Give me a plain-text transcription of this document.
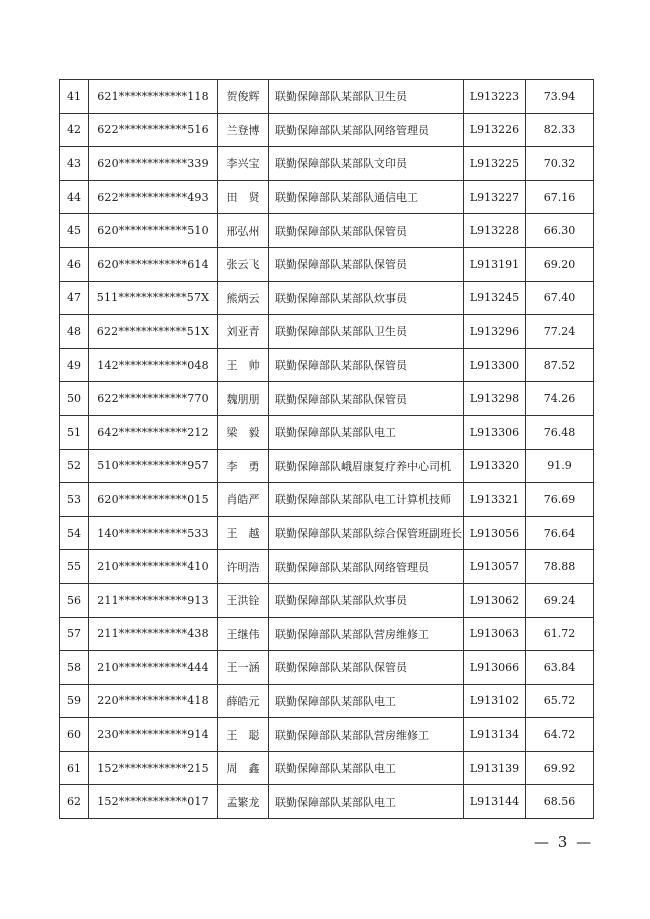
41	621************118	贺俊辉	联勤保障部队某部队卫生员	L913223	73.94
42	622************516	兰登博	联勤保障部队某部队网络管理员	L913226	82.33
43	620************339	李兴宝	联勤保障部队某部队文印员	L913225	70.32
44	622************493	田　贤	联勤保障部队某部队通信电工	L913227	67.16
45	620************510	邢弘州	联勤保障部队某部队保管员	L913228	66.30
46	620************614	张云飞	联勤保障部队某部队保管员	L913191	69.20
47	511************57X	熊炳云	联勤保障部队某部队炊事员	L913245	67.40
48	622************51X	刘亚青	联勤保障部队某部队卫生员	L913296	77.24
49	142************048	王　帅	联勤保障部队某部队保管员	L913300	87.52
50	622************770	魏朋朋	联勤保障部队某部队保管员	L913298	74.26
51	642************212	梁　毅	联勤保障部队某部队电工	L913306	76.48
52	510************957	李　勇	联勤保障部队峨眉康复疗养中心司机	L913320	91.9
53	620************015	肖皓严	联勤保障部队某部队电工计算机技师	L913321	76.69
54	140************533	王　越	联勤保障部队某部队综合保管班副班长	L913056	76.64
55	210************410	许明浩	联勤保障部队某部队网络管理员	L913057	78.88
56	211************913	王洪铨	联勤保障部队某部队炊事员	L913062	69.24
57	211************438	王继伟	联勤保障部队某部队营房维修工	L913063	61.72
58	210************444	王一涵	联勤保障部队某部队保管员	L913066	63.84
59	220************418	薛皓元	联勤保障部队某部队电工	L913102	65.72
60	230************914	王　聪	联勤保障部队某部队营房维修工	L913134	64.72
61	152************215	周　鑫	联勤保障部队某部队电工	L913139	69.92
62	152************017	孟繁龙	联勤保障部队某部队电工	L913144	68.56
— 3 —
